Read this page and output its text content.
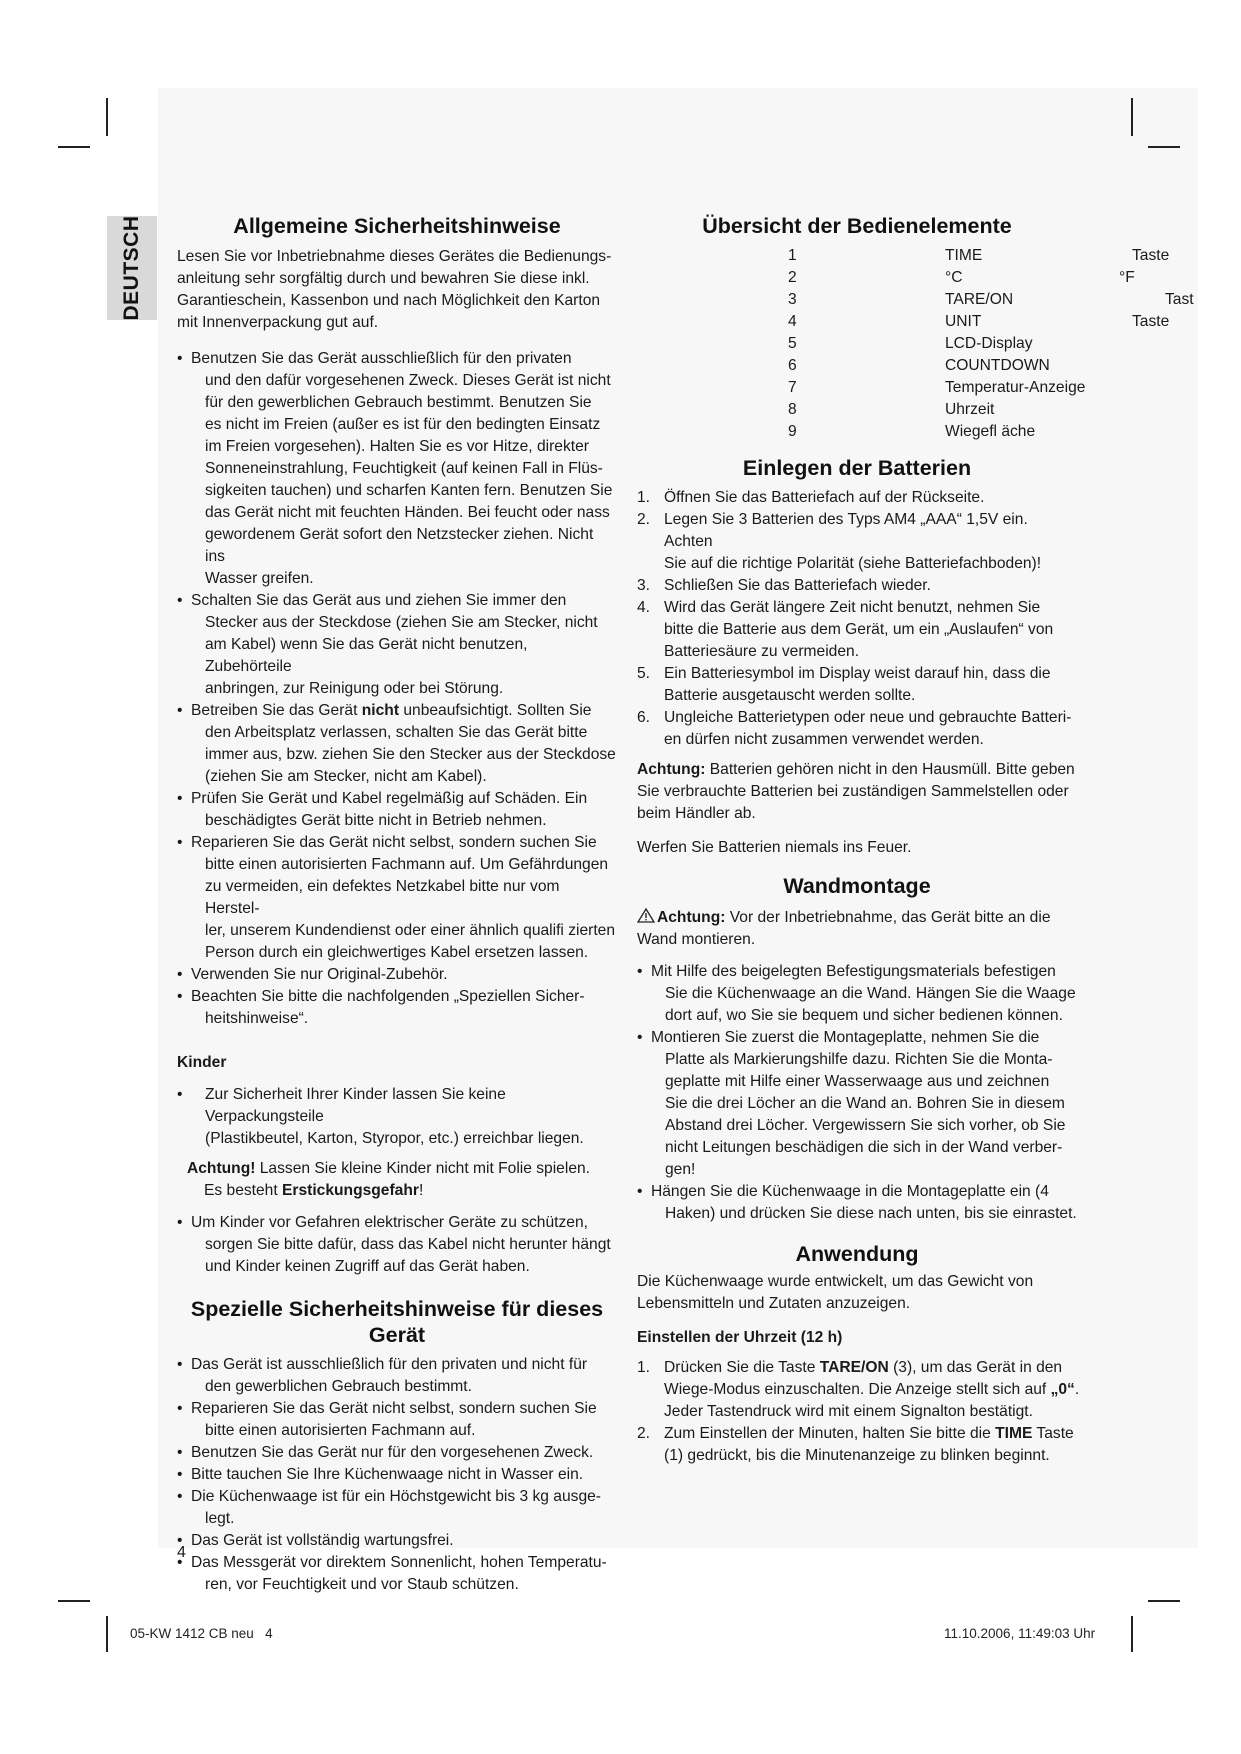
DEUTSCH	Allgemeine Sicherheitshinweise

Lesen Sie vor Inbetriebnahme dieses Gerätes die Bedienungs-

anleitung sehr sorgfältig durch und bewahren Sie diese inkl.

Garantieschein, Kassenbon und nach Möglichkeit den Karton

mit Innenverpackung gut auf.

• Benutzen Sie das Gerät ausschließlich für den privaten
und den dafür vorgesehenen Zweck. Dieses Gerät ist nicht
für den gewerblichen Gebrauch bestimmt. Benutzen Sie
es nicht im Freien (außer es ist für den bedingten Einsatz
im Freien vorgesehen). Halten Sie es vor Hitze, direkter
Sonneneinstrahlung, Feuchtigkeit (auf keinen Fall in Flüs-
sigkeiten tauchen) und scharfen Kanten fern. Benutzen Sie
das Gerät nicht mit feuchten Händen. Bei feucht oder nass
gewordenem Gerät sofort den Netzstecker ziehen. Nicht ins
Wasser greifen.
• Schalten Sie das Gerät aus und ziehen Sie immer den
Stecker aus der Steckdose (ziehen Sie am Stecker, nicht
am Kabel) wenn Sie das Gerät nicht benutzen, Zubehörteile
anbringen, zur Reinigung oder bei Störung.
• Betreiben Sie das Gerät nicht unbeaufsichtigt. Sollten Sie
den Arbeitsplatz verlassen, schalten Sie das Gerät bitte
immer aus, bzw. ziehen Sie den Stecker aus der Steckdose
(ziehen Sie am Stecker, nicht am Kabel).
• Prüfen Sie Gerät und Kabel regelmäßig auf Schäden. Ein
beschädigtes Gerät bitte nicht in Betrieb nehmen.
• Reparieren Sie das Gerät nicht selbst, sondern suchen Sie
bitte einen autorisierten Fachmann auf. Um Gefährdungen
zu vermeiden, ein defektes Netzkabel bitte nur vom Herstel-
ler, unserem Kundendienst oder einer ähnlich qualifi zierten
Person durch ein gleichwertiges Kabel ersetzen lassen.
• Verwenden Sie nur Original-Zubehör.
• Beachten Sie bitte die nachfolgenden „Speziellen Sicher-
heitshinweise“.

Kinder

• Zur Sicherheit Ihrer Kinder lassen Sie keine Verpackungsteile
(Plastikbeutel, Karton, Styropor, etc.) erreichbar liegen.
Achtung! Lassen Sie kleine Kinder nicht mit Folie spielen.
Es besteht Erstickungsgefahr!
• Um Kinder vor Gefahren elektrischer Geräte zu schützen,
sorgen Sie bitte dafür, dass das Kabel nicht herunter hängt
und Kinder keinen Zugriff auf das Gerät haben.
Spezielle Sicherheitshinweise für dieses Gerät
• Das Gerät ist ausschließlich für den privaten und nicht für
den gewerblichen Gebrauch bestimmt.
• Reparieren Sie das Gerät nicht selbst, sondern suchen Sie
bitte einen autorisierten Fachmann auf.
• Benutzen Sie das Gerät nur für den vorgesehenen Zweck.
• Bitte tauchen Sie Ihre Küchenwaage nicht in Wasser ein.
• Die Küchenwaage ist für ein Höchstgewicht bis 3 kg ausge-
legt.
• Das Gerät ist vollständig wartungsfrei.
• Das Messgerät vor direktem Sonnenlicht, hohen Temperatu-
ren, vor Feuchtigkeit und vor Staub schützen.
4
Übersicht der Bedienelemente
1	TIME	Taste
2	°C	°F
3	TARE/ON	Tast
4	UNIT	Taste
5	LCD-Display
6	COUNTDOWN
7	Temperatur-Anzeige
8	Uhrzeit
9	Wiegefl äche
Einlegen der Batterien
1. Öffnen Sie das Batteriefach auf der Rückseite.
2. Legen Sie 3 Batterien des Typs AM4 „AAA“ 1,5V ein. Achten
Sie auf die richtige Polarität (siehe Batteriefachboden)!
3. Schließen Sie das Batteriefach wieder.
4. Wird das Gerät längere Zeit nicht benutzt, nehmen Sie
bitte die Batterie aus dem Gerät, um ein „Auslaufen“ von
Batteriesäure zu vermeiden.
5. Ein Batteriesymbol im Display weist darauf hin, dass die
Batterie ausgetauscht werden sollte.
6. Ungleiche Batterietypen oder neue und gebrauchte Batteri-
en dürfen nicht zusammen verwendet werden.
Achtung: Batterien gehören nicht in den Hausmüll. Bitte geben
Sie verbrauchte Batterien bei zuständigen Sammelstellen oder
beim Händler ab.

Werfen Sie Batterien niemals ins Feuer.

Wandmontage
Achtung: Vor der Inbetriebnahme, das Gerät bitte an die
Wand montieren.
• Mit Hilfe des beigelegten Befestigungsmaterials befestigen
Sie die Küchenwaage an die Wand. Hängen Sie die Waage
dort auf, wo Sie sie bequem und sicher bedienen können.
• Montieren Sie zuerst die Montageplatte, nehmen Sie die
Platte als Markierungshilfe dazu. Richten Sie die Monta-
geplatte mit Hilfe einer Wasserwaage aus und zeichnen
Sie die drei Löcher an die Wand an. Bohren Sie in diesem
Abstand drei Löcher. Vergewissern Sie sich vorher, ob Sie
nicht Leitungen beschädigen die sich in der Wand verber-
gen!
• Hängen Sie die Küchenwaage in die Montageplatte ein (4
Haken) und drücken Sie diese nach unten, bis sie einrastet.
Anwendung
Die Küchenwaage wurde entwickelt, um das Gewicht von
Lebensmitteln und Zutaten anzuzeigen.

Einstellen der Uhrzeit (12 h)

1. Drücken Sie die Taste TARE/ON (3), um das Gerät in den
Wiege-Modus einzuschalten. Die Anzeige stellt sich auf „0“.
Jeder Tastendruck wird mit einem Signalton bestätigt.
2. Zum Einstellen der Minuten, halten Sie bitte die TIME Taste
(1) gedrückt, bis die Minutenanzeige zu blinken beginnt.
05-KW 1412 CB neu   4	11.10.2006, 11:49:03 Uhr
